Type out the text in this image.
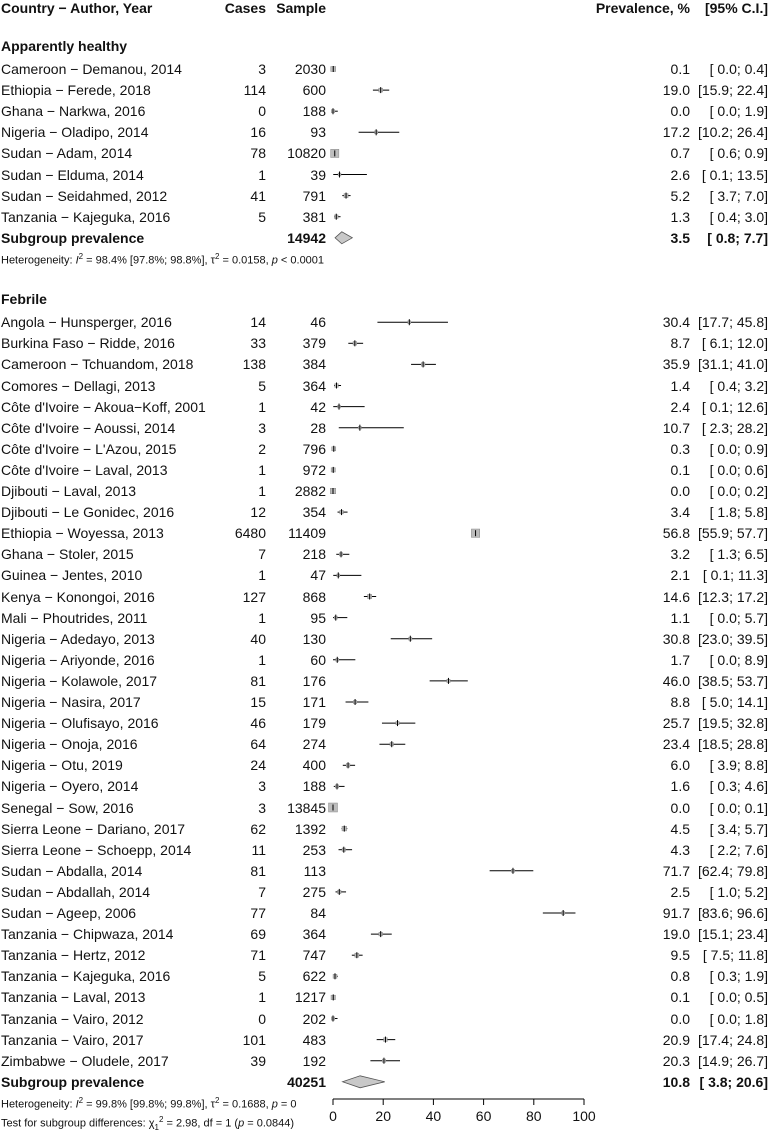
0	20 40 60 80 100
Country − Author, Year	Cases Sample	Prevalence, %	[95% C.I.]
Apparently healthy
Cameroon − Demanou, 2014	3	2030	0.1	[ 0.0; 0.4]
Ethiopia − Ferede, 2018	114	600	19.0 [15.9; 22.4]
Ghana − Narkwa, 2016	0	188	0.0	[ 0.0; 1.9]
Nigeria − Oladipo, 2014	16	93	17.2 [10.2; 26.4]
Sudan − Adam, 2014	78	10820	0.7	[ 0.6; 0.9]
Sudan − Elduma, 2014	1	39	2.6 [ 0.1; 13.5]
Sudan − Seidahmed, 2012	41	791	5.2	[ 3.7; 7.0]
Tanzania − Kajeguka, 2016	5	381	1.3	[ 0.4; 3.0]
Subgroup prevalence	14942	3.5	[ 0.8; 7.7]
Heterogeneity: $I^2 = 98.4\%$ [97.8%; 98.8%], $\tau^2 = 0.0158$, p < 0.0001
Febrile
Angola − Hunsperger, 2016	14	46	30.4 [17.7; 45.8]
Burkina Faso − Ridde, 2016	33	379	8.7 [ 6.1; 12.0]
Cameroon − Tchuandom, 2018	138	384	35.9 [31.1; 41.0]
Comores − Dellagi, 2013	5	364	1.4	[ 0.4; 3.2]
Côte d'Ivoire − Akoua−Koff, 2001	1	42	2.4 [ 0.1; 12.6]
Côte d'Ivoire − Aoussi, 2014	3	28	10.7 [ 2.3; 28.2]
Côte d'Ivoire − L'Azou, 2015	2	796	0.3	[ 0.0; 0.9]
Côte d'Ivoire − Laval, 2013	1	972	0.1	[ 0.0; 0.6]
Djibouti − Laval, 2013	1	2882	0.0	[ 0.0; 0.2]
Djibouti − Le Gonidec, 2016	12	354	3.4	[ 1.8; 5.8]
Ethiopia − Woyessa, 2013	6480	11409	56.8 [55.9; 57.7]
Ghana − Stoler, 2015	7	218	3.2	[ 1.3; 6.5]
Guinea − Jentes, 2010	1	47	2.1 [ 0.1; 11.3]
Kenya − Konongoi, 2016	127	868	14.6 [12.3; 17.2]
Mali − Phoutrides, 2011	1	95	1.1	[ 0.0; 5.7]
Nigeria − Adedayo, 2013	40	130	30.8 [23.0; 39.5]
Nigeria − Ariyonde, 2016	1	60	1.7	[ 0.0; 8.9]
Nigeria − Kolawole, 2017	81	176	46.0 [38.5; 53.7]
Nigeria − Nasira, 2017	15	171	8.8 [ 5.0; 14.1]
Nigeria − Olufisayo, 2016	46	179	25.7 [19.5; 32.8]
Nigeria − Onoja, 2016	64	274	23.4 [18.5; 28.8]
Nigeria − Otu, 2019	24	400	6.0	[ 3.9; 8.8]
Nigeria − Oyero, 2014	3	188	1.6	[ 0.3; 4.6]
Senegal − Sow, 2016	3	13845	0.0	[ 0.0; 0.1]
Sierra Leone − Dariano, 2017	62	1392	4.5	[ 3.4; 5.7]
Sierra Leone − Schoepp, 2014	11	253	4.3	[ 2.2; 7.6]
Sudan − Abdalla, 2014	81	113	71.7 [62.4; 79.8]
Sudan − Abdallah, 2014	7	275	2.5	[ 1.0; 5.2]
Sudan − Ageep, 2006	77	84	91.7 [83.6; 96.6]
Tanzania − Chipwaza, 2014	69	364	19.0 [15.1; 23.4]
Tanzania − Hertz, 2012	71	747	9.5 [ 7.5; 11.8]
Tanzania − Kajeguka, 2016	5	622	0.8	[ 0.3; 1.9]
Tanzania − Laval, 2013	1	1217	0.1	[ 0.0; 0.5]
Tanzania − Vairo, 2012	0	202	0.0	[ 0.0; 1.8]
Tanzania − Vairo, 2017	101	483	20.9 [17.4; 24.8]
Zimbabwe − Oludele, 2017	39	192	20.3 [14.9; 26.7]
Subgroup prevalence	40251	10.8 [ 3.8; 20.6]
Heterogeneity: $I^2 = 99.8\%$ [99.8%; 99.8%], $\tau^2 = 0.1688$, p = 0
Test for subgroup differences: $\chi_1^2 = 2.98$, df = 1 (p = 0.0844)
